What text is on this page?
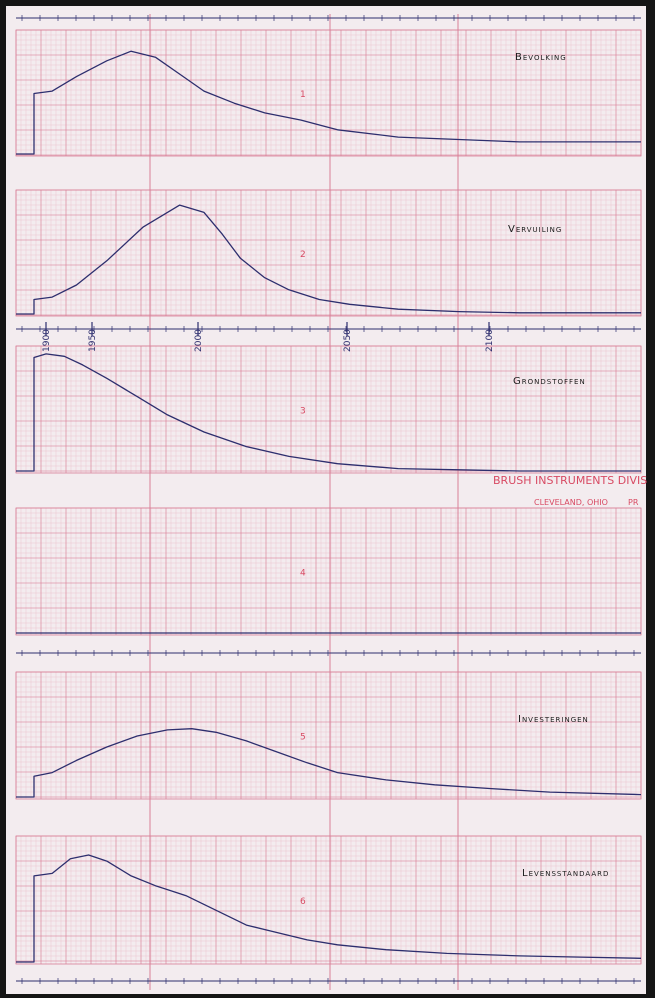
1900	1950	2000	2050	2100
1
Bevolking
2
Vervuiling
3
Grondstoffen
4
5
Investeringen
6
Levensstandaard
BRUSH INSTRUMENTS DIVIS
CLEVELAND, OHIO	PR
